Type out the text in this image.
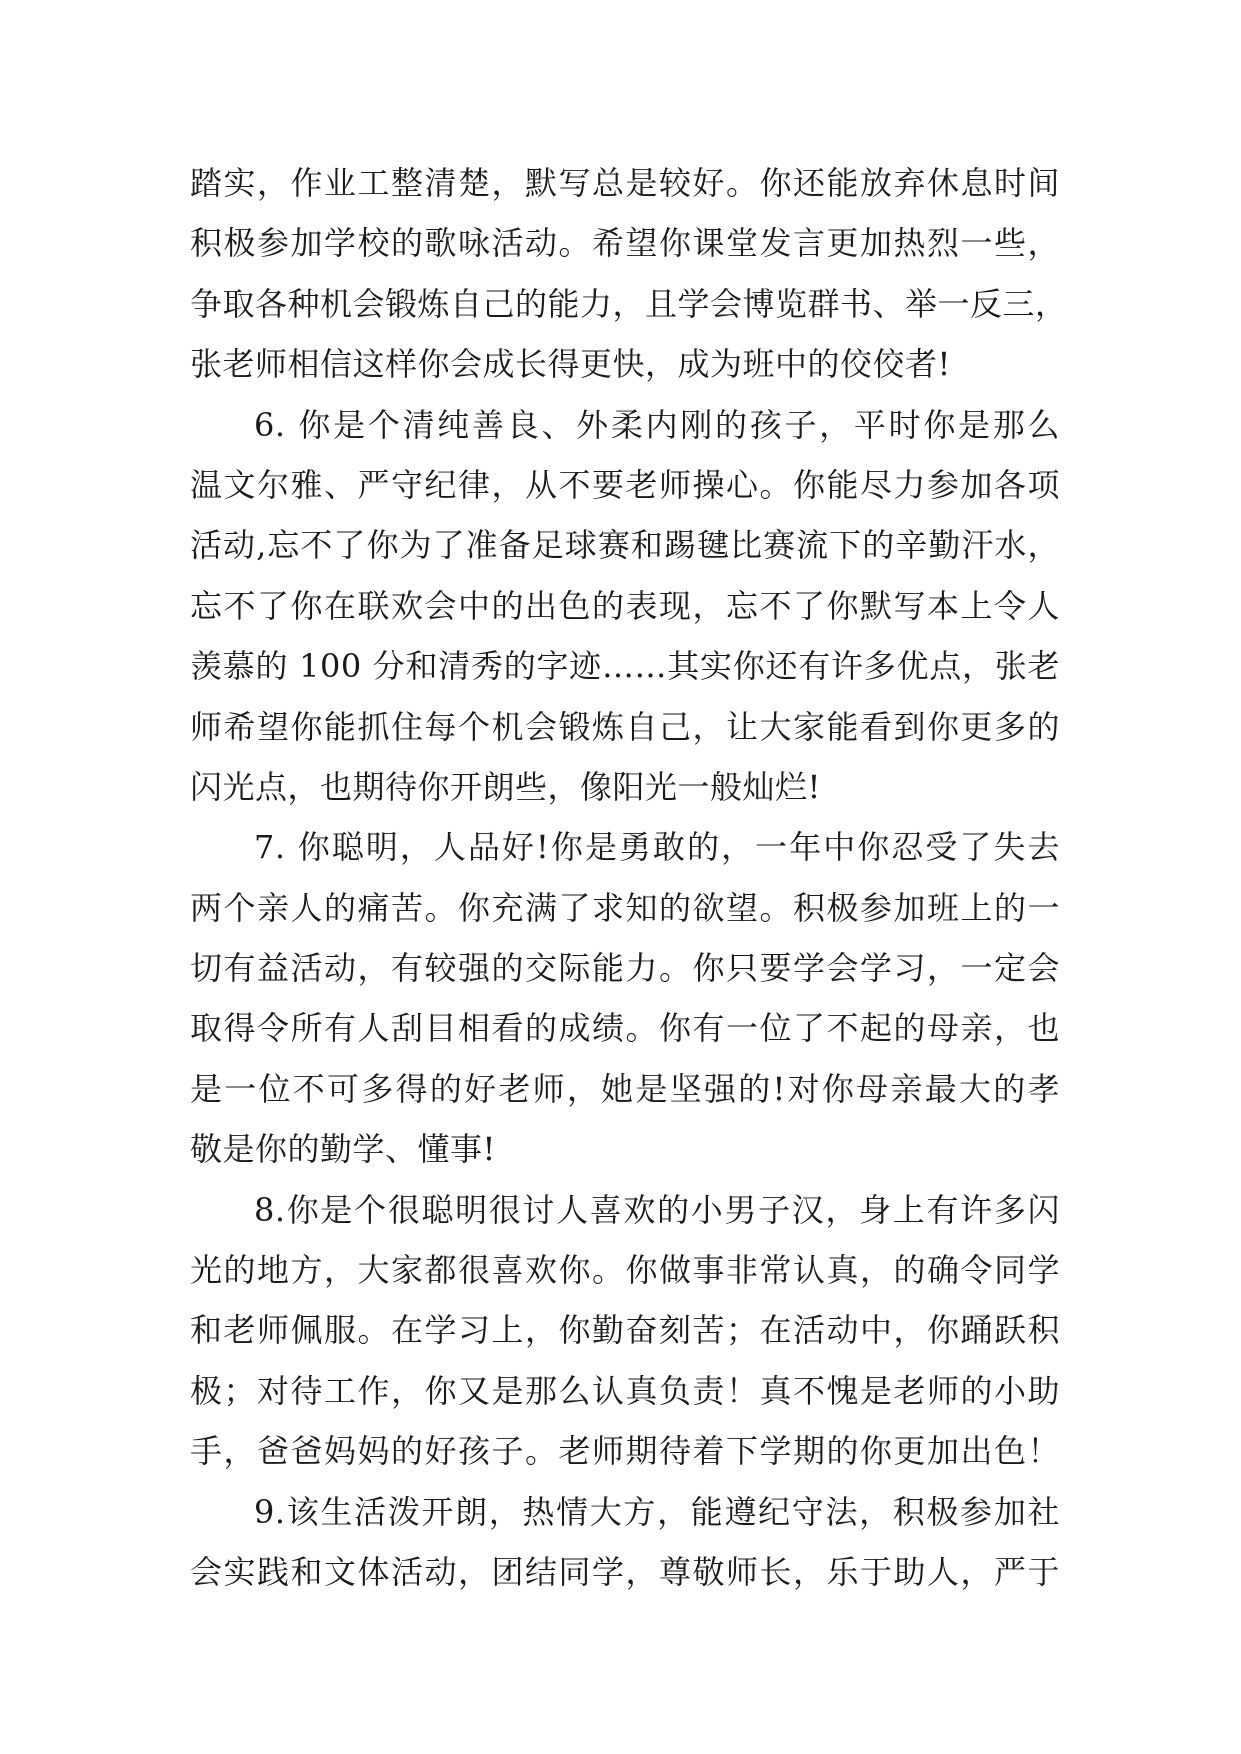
踏实，作业工整清楚，默写总是较好。你还能放弃休息时间
积极参加学校的歌咏活动。希望你课堂发言更加热烈一些，
争取各种机会锻炼自己的能力，且学会博览群书、举一反三，
张老师相信这样你会成长得更快，成为班中的佼佼者!
6. 你是个清纯善良、外柔内刚的孩子，平时你是那么
温文尔雅、严守纪律，从不要老师操心。你能尽力参加各项
活动,忘不了你为了准备足球赛和踢毽比赛流下的辛勤汗水，
忘不了你在联欢会中的出色的表现，忘不了你默写本上令人
羡慕的 100 分和清秀的字迹……其实你还有许多优点，张老
师希望你能抓住每个机会锻炼自己，让大家能看到你更多的
闪光点，也期待你开朗些，像阳光一般灿烂!
7. 你聪明，人品好!你是勇敢的，一年中你忍受了失去
两个亲人的痛苦。你充满了求知的欲望。积极参加班上的一
切有益活动，有较强的交际能力。你只要学会学习，一定会
取得令所有人刮目相看的成绩。你有一位了不起的母亲，也
是一位不可多得的好老师，她是坚强的!对你母亲最大的孝
敬是你的勤学、懂事!
8.你是个很聪明很讨人喜欢的小男子汉，身上有许多闪
光的地方，大家都很喜欢你。你做事非常认真，的确令同学
和老师佩服。在学习上，你勤奋刻苦；在活动中，你踊跃积
极；对待工作，你又是那么认真负责！真不愧是老师的小助
手，爸爸妈妈的好孩子。老师期待着下学期的你更加出色！
9.该生活泼开朗，热情大方，能遵纪守法，积极参加社
会实践和文体活动，团结同学，尊敬师长，乐于助人，严于
